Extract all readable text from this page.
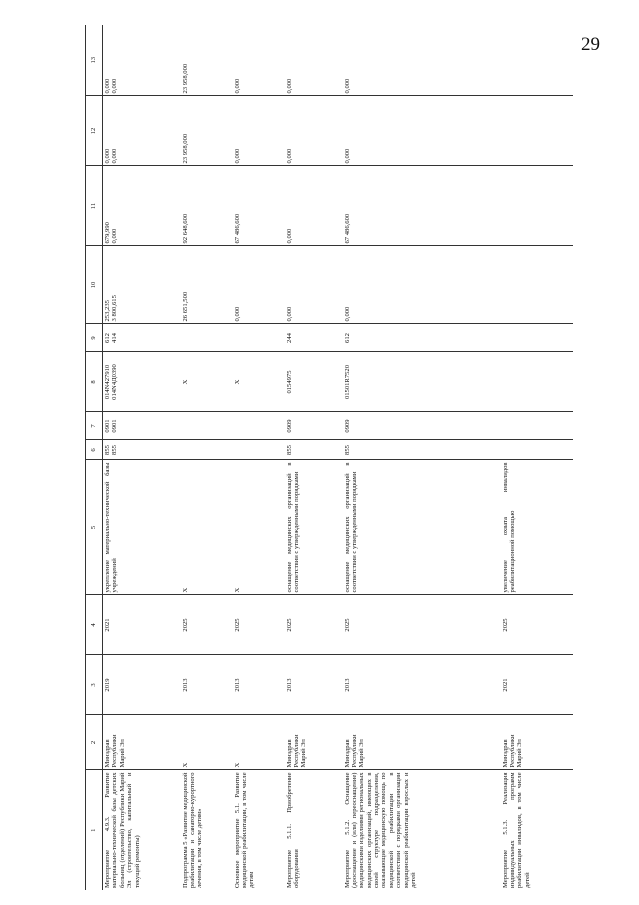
29
1	2	3	4	5	6	7	8	9	10	11	12	13
Мероприятие 4.9.3. Развитие материально-технической базы детских больниц (отделений) Республики Марий Эл (строительство, капитальный и текущий ремонты)	Минздрав Республики Марий Эл	2019	2021	укрепление материально-технической базы учреждений	855 855	0901 0901	014N427910 014N4Д0390	612 414	253,235 3 800,615	679,990 0,000	0,000 0,000	0,000 0,000

Подпрограмма 5 «Развитие медицинской реабилитации и санаторно-курортного лечения, в том числе детям»	X	2013	2025	X			X		26 651,500	92 648,600	23 958,000	23 958,000

Основное мероприятие 5.1. Развитие медицинской реабилитации, в том числе детям	X	2013	2025	X			X		0,000	67 486,600	0,000	0,000

Мероприятие 5.1.1. Приобретение оборудования	Минздрав Республики Марий Эл	2013	2025	оснащение медицинских организаций в соответствии с утвержденными порядками	855	0909	0154975	244	0,000	0,000	0,000	0,000

Мероприятие 5.1.2. Оснащение (дооснащение и (или) переоснащение) медицинскими изделиями региональных медицинских организаций, имеющих в своей структуре подразделения, оказывающие медицинскую помощь по медицинской реабилитации в соответствии с порядками организации медицинской реабилитации взрослых и детей	Минздрав Республики Марий Эл	2013	2025	оснащение медицинских организаций в соответствии с утвержденными порядками	855	0909	01501R7520	612	0,000	67 486,600	0,000	0,000

Мероприятие 5.1.3. Реализация индивидуальных программ реабилитации инвалидов, в том числе детей	Минздрав Республики Марий Эл	2021	2025	увеличение охвата инвалидов реабилитационной помощью	
